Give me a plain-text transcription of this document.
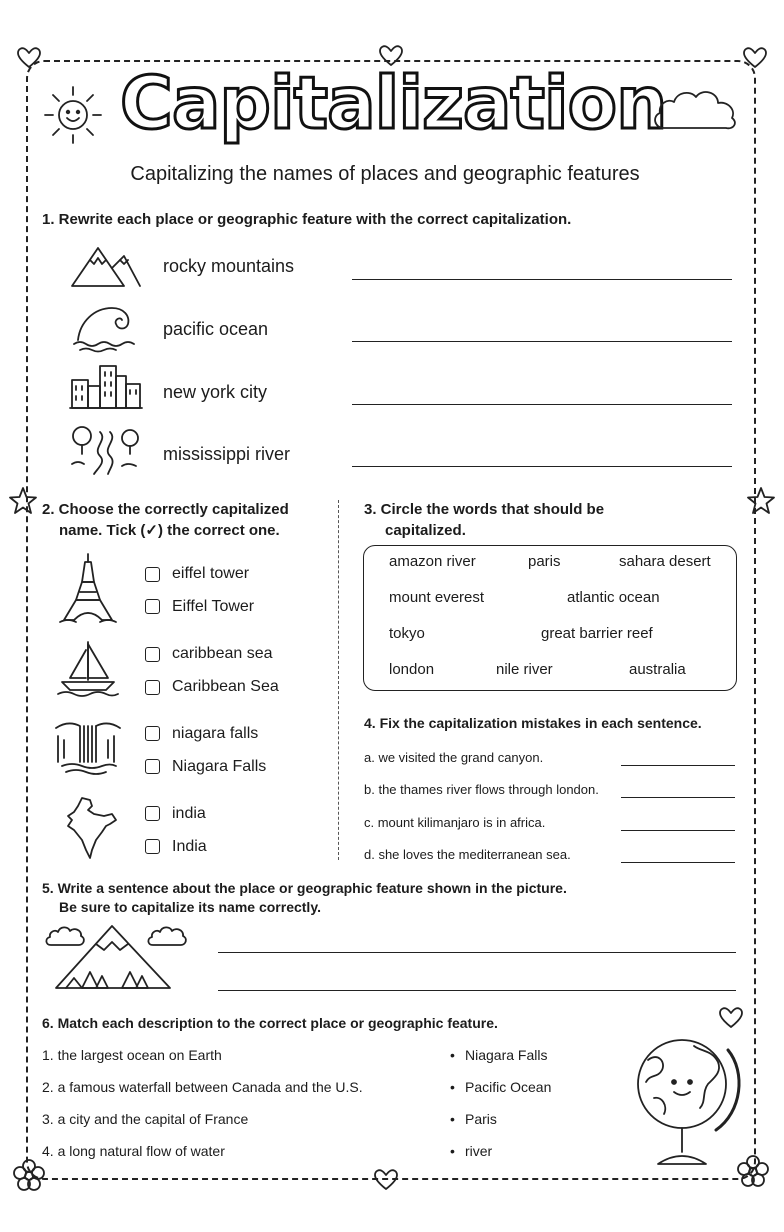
Capitalization
Capitalizing the names of places and geographic features
1. Rewrite each place or geographic feature with the correct capitalization.
rocky mountains
pacific ocean
new york city
mississippi river
2. Choose the correctly capitalized
name. Tick (✓) the correct one.
eiffel tower
Eiffel Tower
caribbean sea
Caribbean Sea
niagara falls
Niagara Falls
india
India
3. Circle the words that should be
capitalized.
amazon river	paris	sahara desert
mount everest	atlantic ocean
tokyo	great barrier reef
london	nile river	australia
4. Fix the capitalization mistakes in each sentence.
a. we visited the grand canyon.
b. the thames river flows through london.
c. mount kilimanjaro is in africa.
d. she loves the mediterranean sea.
5. Write a sentence about the place or geographic feature shown in the picture.
Be sure to capitalize its name correctly.
6. Match each description to the correct place or geographic feature.
1. the largest ocean on Earth
2. a famous waterfall between Canada and the U.S.
3. a city and the capital of France
4. a long natural flow of water
•
•
•
•
Niagara Falls
Pacific Ocean
Paris
river
